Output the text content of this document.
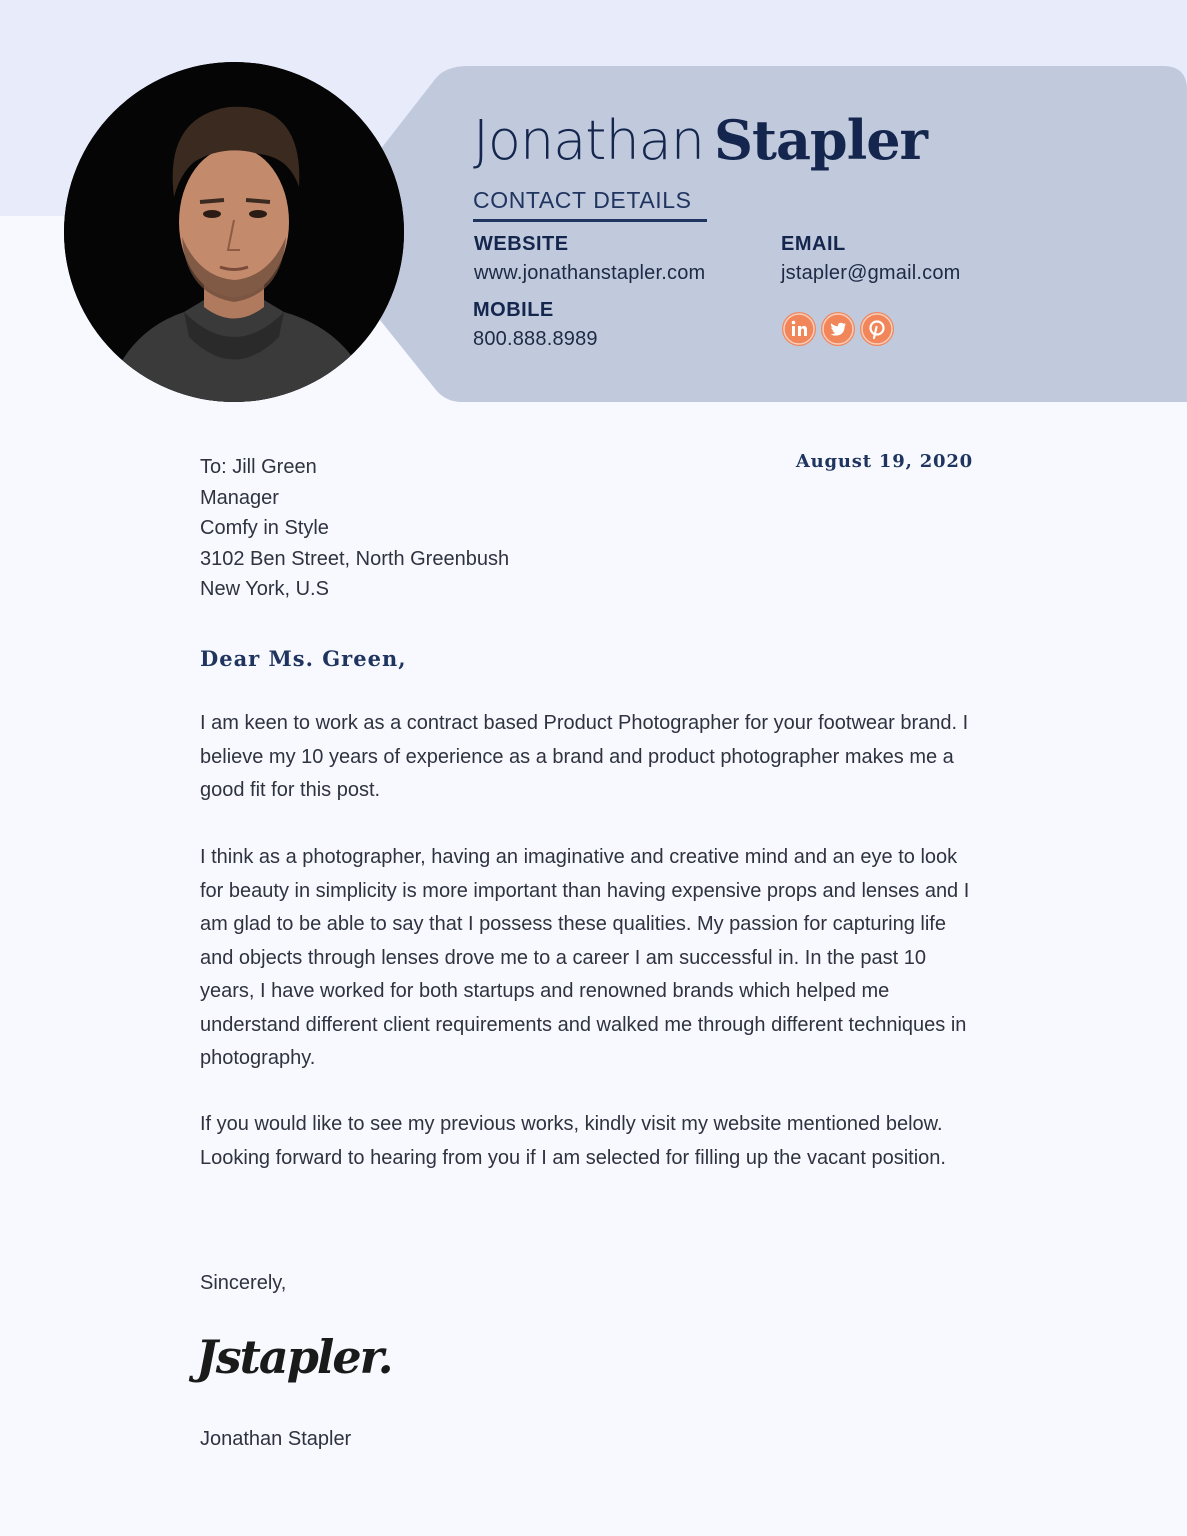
Jonathan Stapler
CONTACT DETAILS
WEBSITE
www.jonathanstapler.com
EMAIL
jstapler@gmail.com
MOBILE
800.888.8989
To: Jill Green
Manager
Comfy in Style
3102 Ben Street, North Greenbush
New York, U.S
August 19, 2020
Dear Ms. Green,
I am keen to work as a contract based Product Photographer for your footwear brand. I believe my 10 years of experience as a brand and product photographer makes me a good fit for this post.
I think as a photographer, having an imaginative and creative mind and an eye to look for beauty in simplicity is more important than having expensive props and lenses and I am glad to be able to say that I possess these qualities. My passion for capturing life and objects through lenses drove me to a career I am successful in. In the past 10 years, I have worked for both startups and renowned brands which helped me understand different client requirements and walked me through different techniques in photography.
If you would like to see my previous works, kindly visit my website mentioned below. Looking forward to hearing from you if I am selected for filling up the vacant position.
Sincerely,
Jstapler.
Jonathan Stapler
